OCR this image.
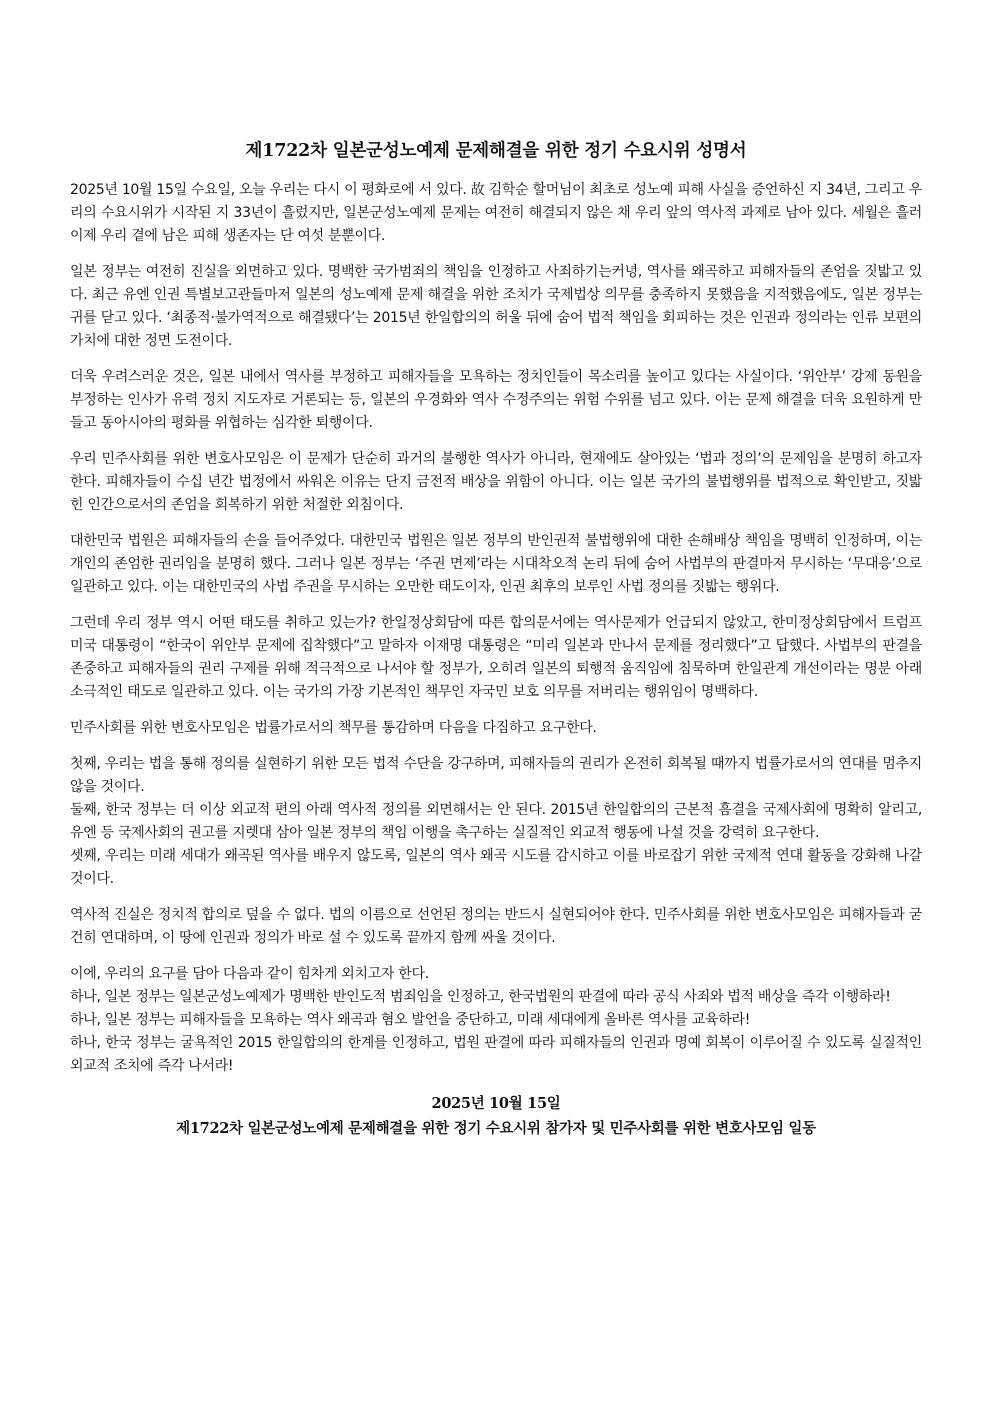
제1722차 일본군성노예제 문제해결을 위한 정기 수요시위 성명서

2025년 10월 15일 수요일, 오늘 우리는 다시 이 평화로에 서 있다. 故 김학순 할머님이 최초로 성노예 피해 사실을 증언하신 지 34년, 그리고 우리의 수요시위가 시작된 지 33년이 흘렀지만, 일본군성노예제 문제는 여전히 해결되지 않은 채 우리 앞의 역사적 과제로 남아 있다. 세월은 흘러 이제 우리 곁에 남은 피해 생존자는 단 여섯 분뿐이다.

일본 정부는 여전히 진실을 외면하고 있다. 명백한 국가범죄의 책임을 인정하고 사죄하기는커녕, 역사를 왜곡하고 피해자들의 존엄을 짓밟고 있다. 최근 유엔 인권 특별보고관들마저 일본의 성노예제 문제 해결을 위한 조치가 국제법상 의무를 충족하지 못했음을 지적했음에도, 일본 정부는 귀를 닫고 있다. ‘최종적·불가역적으로 해결됐다’는 2015년 한일합의의 허울 뒤에 숨어 법적 책임을 회피하는 것은 인권과 정의라는 인류 보편의 가치에 대한 정면 도전이다.

더욱 우려스러운 것은, 일본 내에서 역사를 부정하고 피해자들을 모욕하는 정치인들이 목소리를 높이고 있다는 사실이다. ‘위안부’ 강제 동원을 부정하는 인사가 유력 정치 지도자로 거론되는 등, 일본의 우경화와 역사 수정주의는 위험 수위를 넘고 있다. 이는 문제 해결을 더욱 요원하게 만들고 동아시아의 평화를 위협하는 심각한 퇴행이다.

우리 민주사회를 위한 변호사모임은 이 문제가 단순히 과거의 불행한 역사가 아니라, 현재에도 살아있는 ‘법과 정의’의 문제임을 분명히 하고자 한다. 피해자들이 수십 년간 법정에서 싸워온 이유는 단지 금전적 배상을 위함이 아니다. 이는 일본 국가의 불법행위를 법적으로 확인받고, 짓밟힌 인간으로서의 존엄을 회복하기 위한 처절한 외침이다.

대한민국 법원은 피해자들의 손을 들어주었다. 대한민국 법원은 일본 정부의 반인권적 불법행위에 대한 손해배상 책임을 명백히 인정하며, 이는 개인의 존엄한 권리임을 분명히 했다. 그러나 일본 정부는 ‘주권 면제’라는 시대착오적 논리 뒤에 숨어 사법부의 판결마저 무시하는 ‘무대응’으로 일관하고 있다. 이는 대한민국의 사법 주권을 무시하는 오만한 태도이자, 인권 최후의 보루인 사법 정의를 짓밟는 행위다.

그런데 우리 정부 역시 어떤 태도를 취하고 있는가? 한일정상회담에 따른 합의문서에는 역사문제가 언급되지 않았고, 한미정상회담에서 트럼프 미국 대통령이 “한국이 위안부 문제에 집착했다”고 말하자 이재명 대통령은 “미리 일본과 만나서 문제를 정리했다”고 답했다. 사법부의 판결을 존중하고 피해자들의 권리 구제를 위해 적극적으로 나서야 할 정부가, 오히려 일본의 퇴행적 움직임에 침묵하며 한일관계 개선이라는 명분 아래 소극적인 태도로 일관하고 있다. 이는 국가의 가장 기본적인 책무인 자국민 보호 의무를 저버리는 행위임이 명백하다.

민주사회를 위한 변호사모임은 법률가로서의 책무를 통감하며 다음을 다짐하고 요구한다.

첫째, 우리는 법을 통해 정의를 실현하기 위한 모든 법적 수단을 강구하며, 피해자들의 권리가 온전히 회복될 때까지 법률가로서의 연대를 멈추지 않을 것이다.

둘째, 한국 정부는 더 이상 외교적 편의 아래 역사적 정의를 외면해서는 안 된다. 2015년 한일합의의 근본적 흠결을 국제사회에 명확히 알리고, 유엔 등 국제사회의 권고를 지렛대 삼아 일본 정부의 책임 이행을 촉구하는 실질적인 외교적 행동에 나설 것을 강력히 요구한다.

셋째, 우리는 미래 세대가 왜곡된 역사를 배우지 않도록, 일본의 역사 왜곡 시도를 감시하고 이를 바로잡기 위한 국제적 연대 활동을 강화해 나갈 것이다.

역사적 진실은 정치적 합의로 덮을 수 없다. 법의 이름으로 선언된 정의는 반드시 실현되어야 한다. 민주사회를 위한 변호사모임은 피해자들과 굳건히 연대하며, 이 땅에 인권과 정의가 바로 설 수 있도록 끝까지 함께 싸울 것이다.

이에, 우리의 요구를 담아 다음과 같이 힘차게 외치고자 한다.

하나, 일본 정부는 일본군성노예제가 명백한 반인도적 범죄임을 인정하고, 한국법원의 판결에 따라 공식 사죄와 법적 배상을 즉각 이행하라!

하나, 일본 정부는 피해자들을 모욕하는 역사 왜곡과 혐오 발언을 중단하고, 미래 세대에게 올바른 역사를 교육하라!

하나, 한국 정부는 굴욕적인 2015 한일합의의 한계를 인정하고, 법원 판결에 따라 피해자들의 인권과 명예 회복이 이루어질 수 있도록 실질적인 외교적 조치에 즉각 나서라!

2025년 10월 15일
제1722차 일본군성노예제 문제해결을 위한 정기 수요시위 참가자 및 민주사회를 위한 변호사모임 일동
